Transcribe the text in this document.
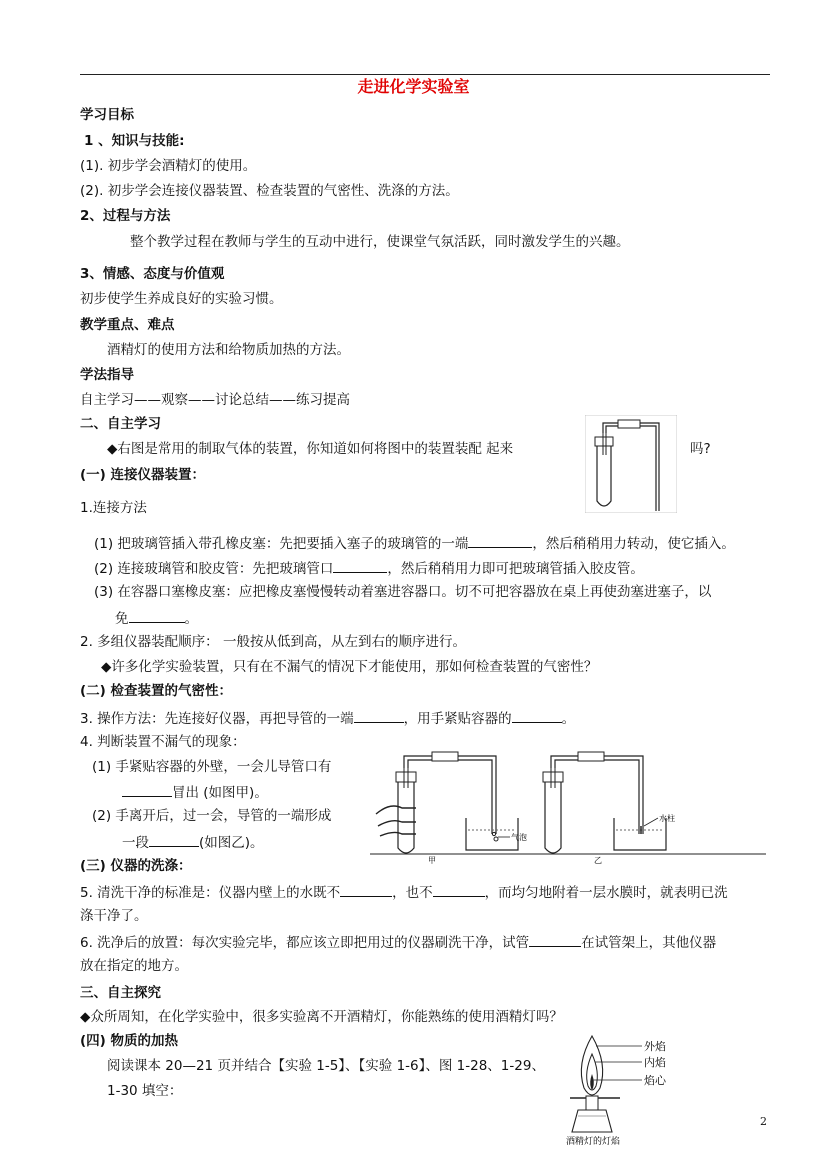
走进化学实验室
学习目标
1 、知识与技能:
(1). 初步学会酒精灯的使用。
(2). 初步学会连接仪器装置、检查装置的气密性、洗涤的方法。
2、过程与方法
整个教学过程在教师与学生的互动中进行，使课堂气氛活跃，同时激发学生的兴趣。
3、情感、态度与价值观
初步使学生养成良好的实验习惯。
教学重点、难点
酒精灯的使用方法和给物质加热的方法。
学法指导
自主学习——观察——讨论总结——练习提高
二、自主学习
◆右图是常用的制取气体的装置，你知道如何将图中的装置装配 起来	吗?
(一) 连接仪器装置：
1.连接方法
(1) 把玻璃管插入带孔橡皮塞：先把要插入塞子的玻璃管的一端	，然后稍稍用力转动，使它插入。
(2) 连接玻璃管和胶皮管：先把玻璃管口	，然后稍稍用力即可把玻璃管插入胶皮管。
(3) 在容器口塞橡皮塞：应把橡皮塞慢慢转动着塞进容器口。切不可把容器放在桌上再使劲塞进塞子，以
免	。
2. 多组仪器装配顺序： 一般按从低到高，从左到右的顺序进行。
◆许多化学实验装置，只有在不漏气的情况下才能使用，那如何检查装置的气密性？
(二) 检查装置的气密性：
3. 操作方法：先连接好仪器，再把导管的一端	，用手紧贴容器的	。
4. 判断装置不漏气的现象：
(1) 手紧贴容器的外壁，一会儿导管口有
冒出 (如图甲)。
(2) 手离开后，过一会，导管的一端形成
一段	(如图乙)。	气泡
甲
水柱
乙
(三) 仪器的洗涤：
5. 清洗干净的标准是：仪器内壁上的水既不	，也不	，而均匀地附着一层水膜时，就表明已洗
涤干净了。
6. 洗净后的放置：每次实验完毕，都应该立即把用过的仪器刷洗干净，试管	在试管架上，其他仪器
放在指定的地方。
三、自主探究
◆众所周知，在化学实验中，很多实验离不开酒精灯，你能熟练的使用酒精灯吗？
(四) 物质的加热
阅读课本 20—21 页并结合【实验 1-5】、【实验 1-6】、图 1-28、1-29、
1-30 填空：
外焰
内焰
焰心
酒精灯的灯焰
2
